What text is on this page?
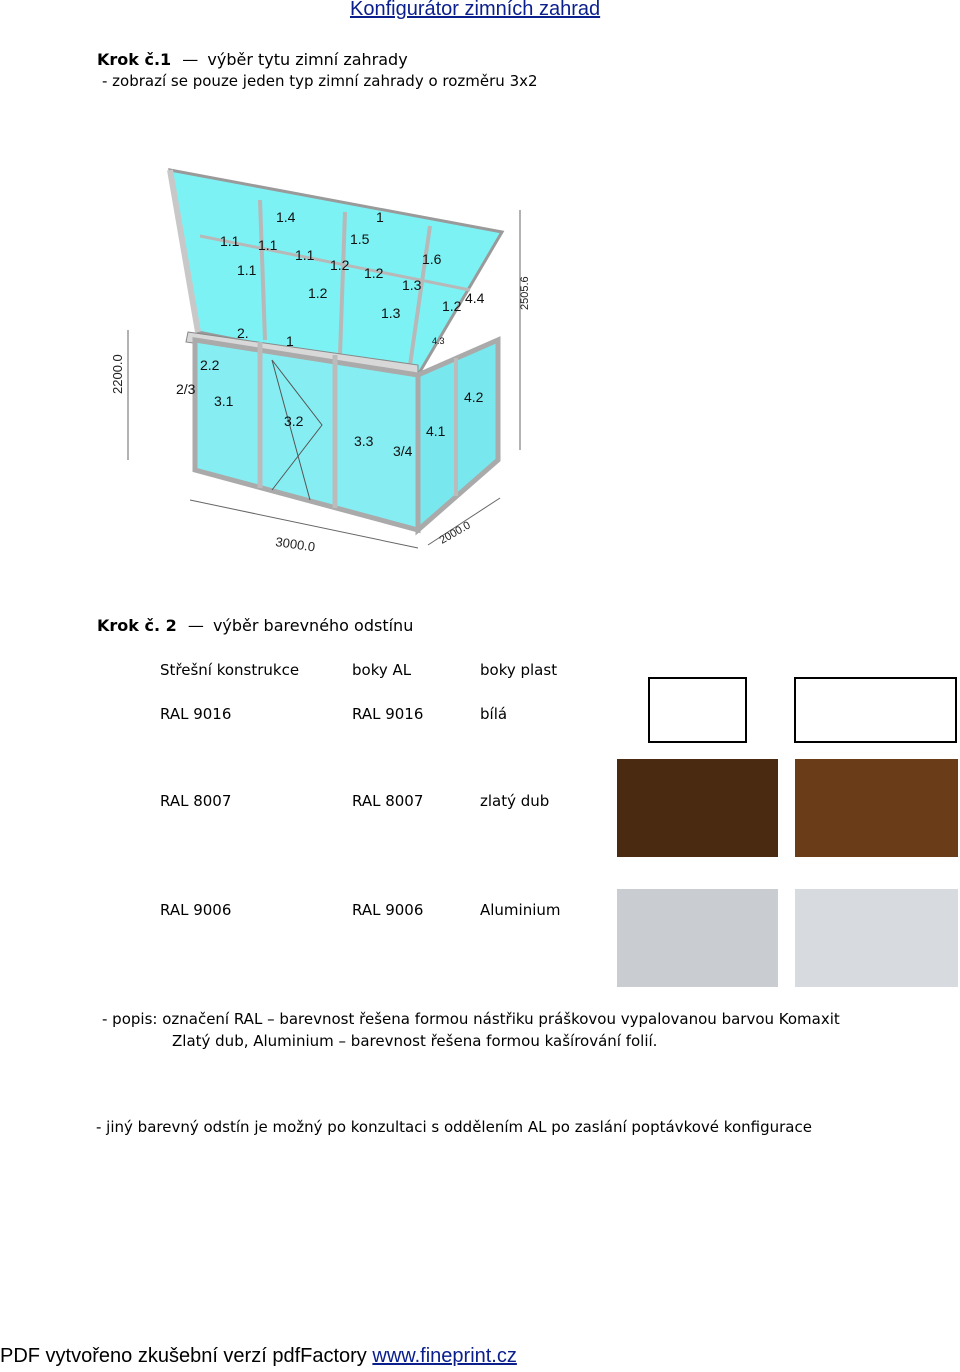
Konfigurátor zimních zahrad
Krok č.1 — výběr tytu zimní zahrady
- zobrazí se pouze jeden typ zimní zahrady o rozměru 3x2
2200.0
3000.0	2000.0
2505.6
1.4	1
1.5
1.1 1.1
1.1
1.2	1.6
1.1	1.2
1.3
1.2
1.3	1.2 4.4
2.	1	4.3
2.2
2/3
3.1
3.2
4.2
3.3
4.1
3/4
Krok č. 2 — výběr barevného odstínu
Střešní konstrukce	boky AL	boky plast
RAL 9016	RAL 9016	bílá
RAL 8007	RAL 8007	zlatý dub
RAL 9006	RAL 9006	Aluminium
- popis: označení RAL – barevnost řešena formou nástřiku práškovou vypalovanou barvou Komaxit
Zlatý dub, Aluminium – barevnost řešena formou kašírování folií.
- jiný barevný odstín je možný po konzultaci s oddělením AL po zaslání poptávkové konfigurace
PDF vytvořeno zkušební verzí pdfFactory www.fineprint.cz
